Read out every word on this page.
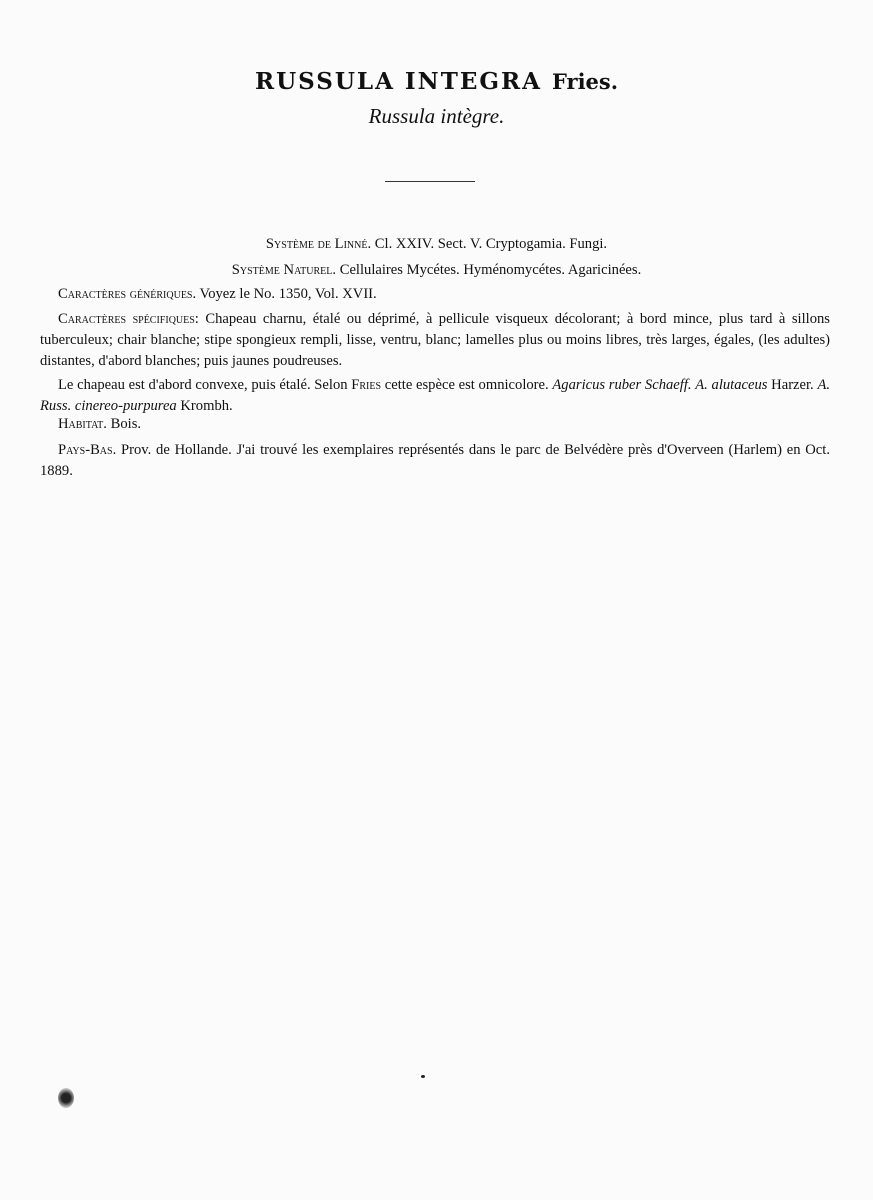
RUSSULA INTEGRA Fries.
Russula intègre.
Système de Linné. Cl. XXIV. Sect. V. Cryptogamia. Fungi.
Système Naturel. Cellulaires Mycétes. Hyménomycétes. Agaricinées.
Caractères génériques. Voyez le No. 1350, Vol. XVII.
Caractères spécifiques: Chapeau charnu, étalé ou déprimé, à pellicule visqueux décolorant; à bord mince, plus tard à sillons tuberculeux; chair blanche; stipe spongieux rempli, lisse, ventru, blanc; lamelles plus ou moins libres, très larges, égales, (les adultes) distantes, d'abord blanches; puis jaunes poudreuses.
Le chapeau est d'abord convexe, puis étalé. Selon Fries cette espèce est omnicolore. Agaricus ruber Schaeff. A. alutaceus Harzer. A. Russ. cinereo-purpurea Krombh.
Habitat. Bois.
Pays-Bas. Prov. de Hollande. J'ai trouvé les exemplaires représentés dans le parc de Belvédère près d'Overveen (Harlem) en Oct. 1889.
